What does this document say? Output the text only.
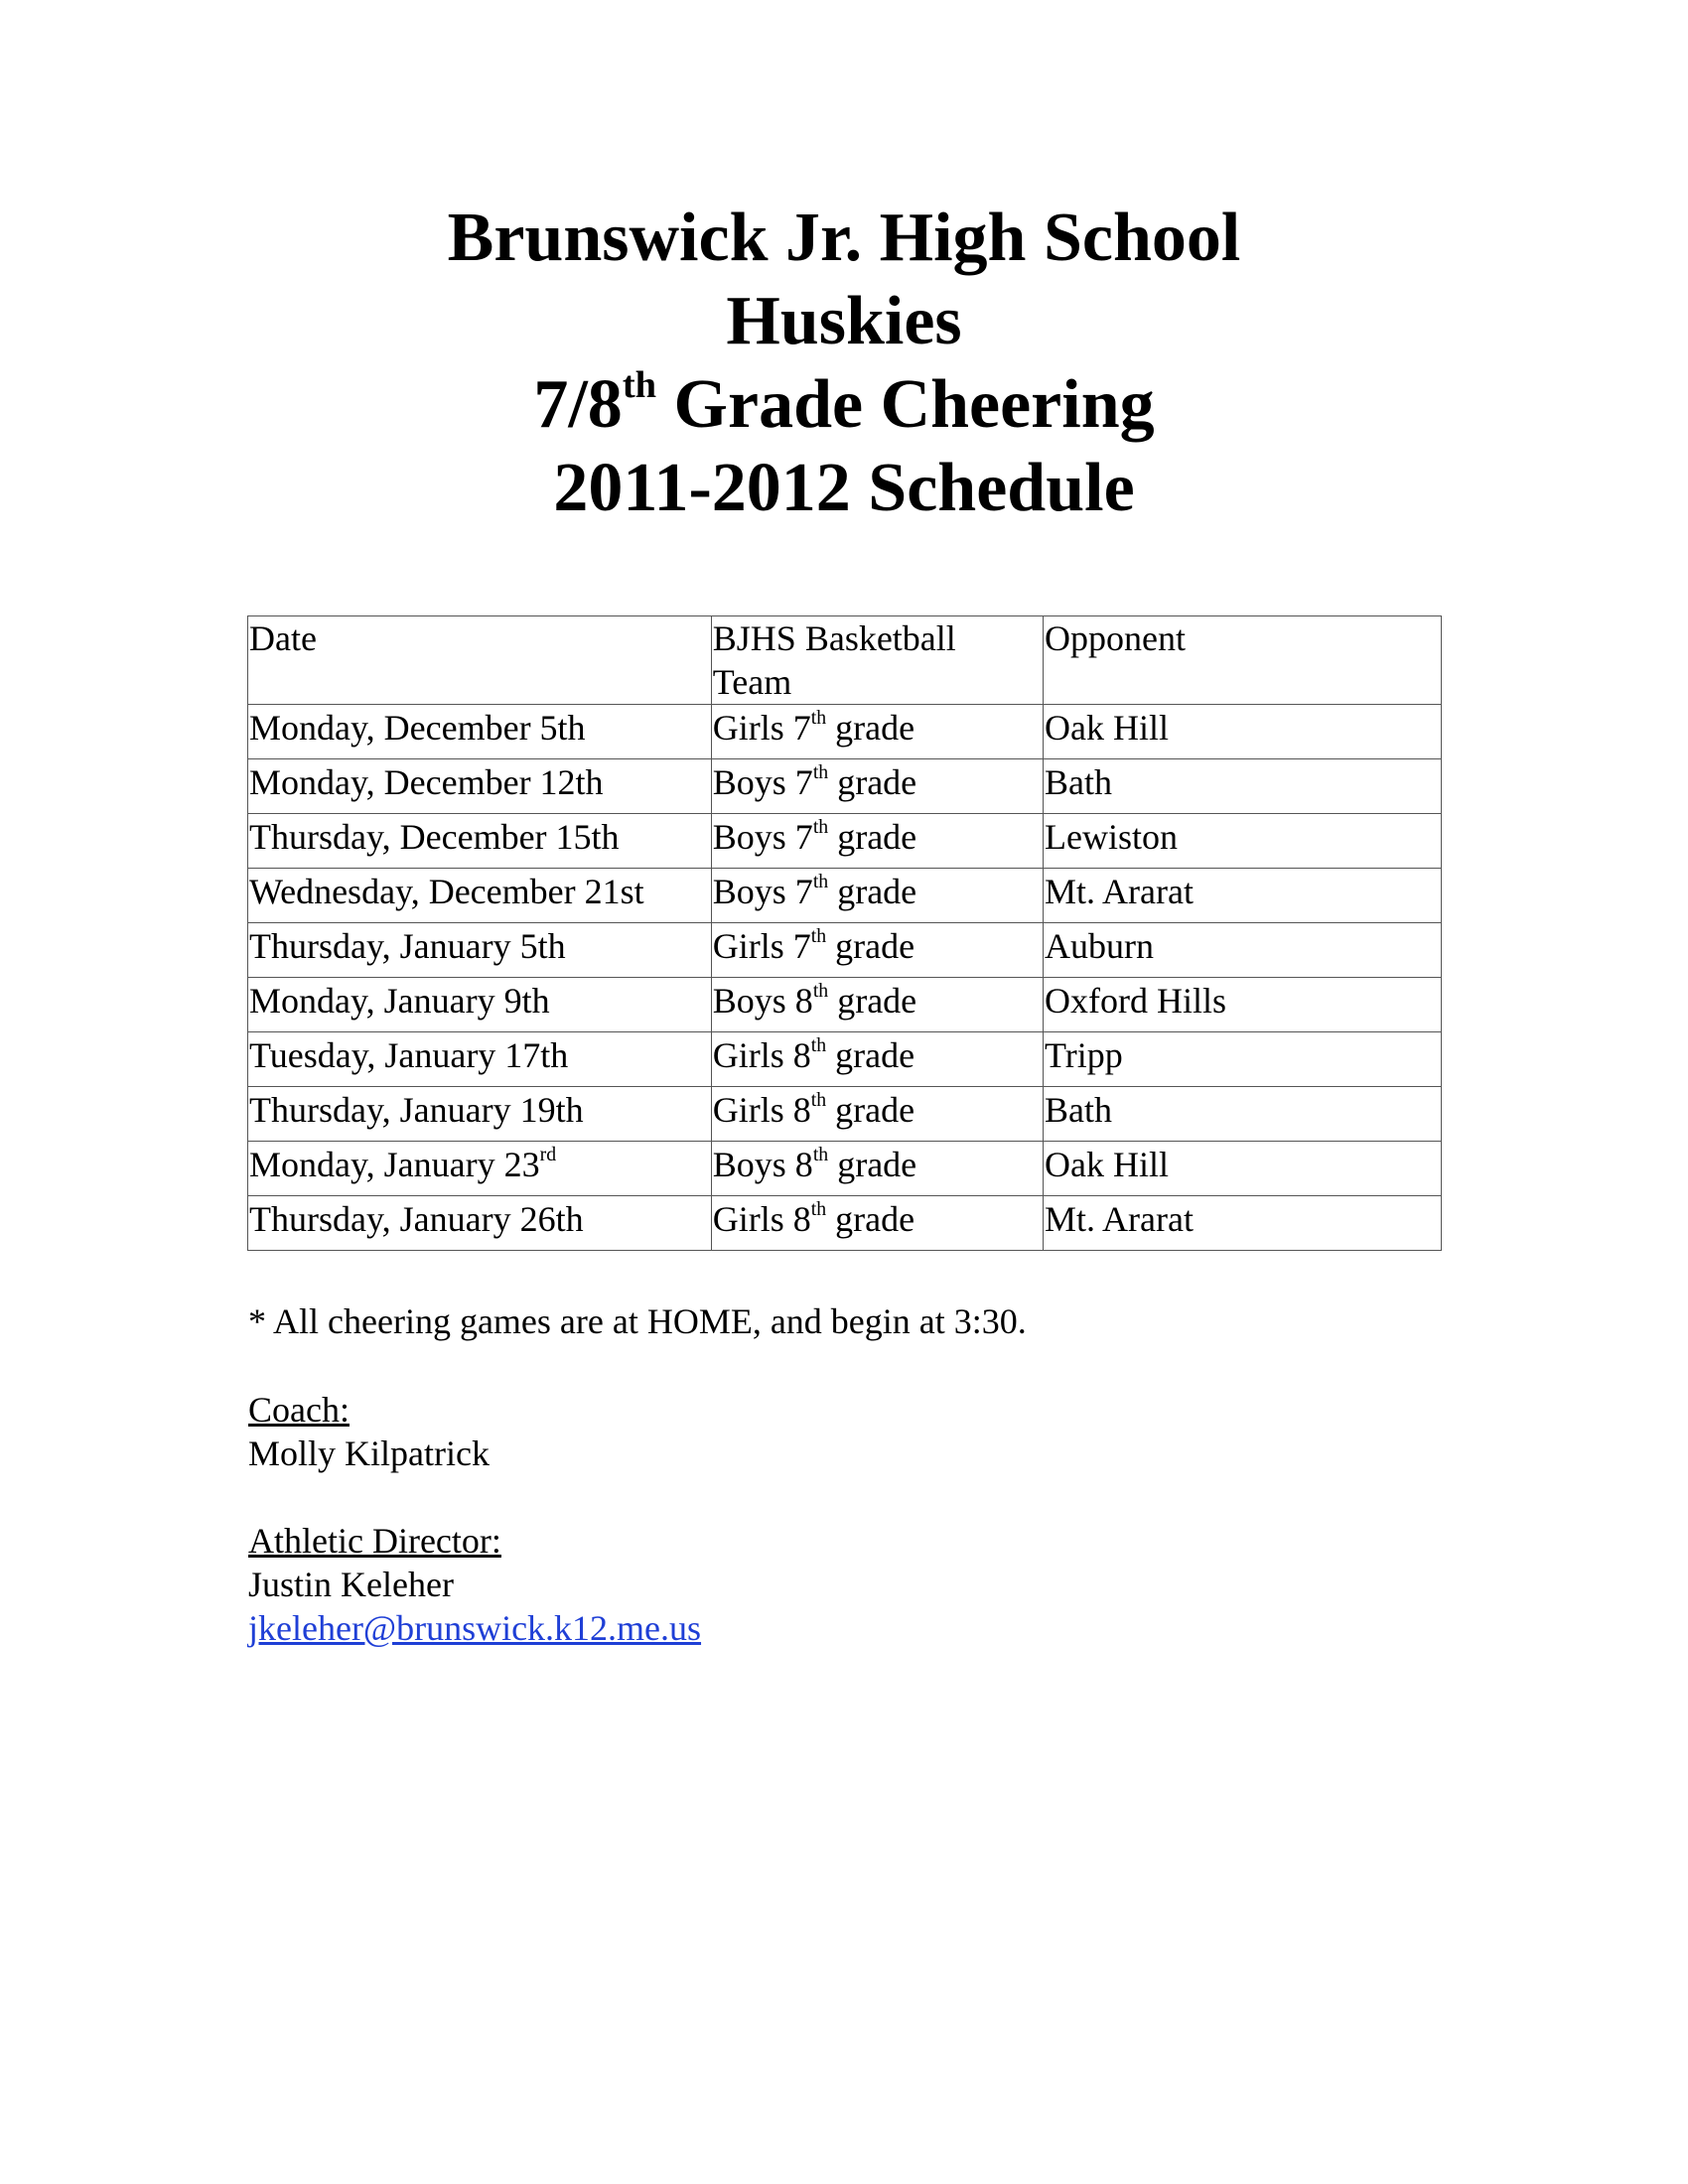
Brunswick Jr. High School
Huskies
7/8th Grade Cheering
2011-2012 Schedule
Date	BJHS Basketball Team	Opponent
Monday, December 5th	Girls 7th grade	Oak Hill
Monday, December 12th	Boys 7th grade	Bath
Thursday, December 15th	Boys 7th grade	Lewiston
Wednesday, December 21st	Boys 7th grade	Mt. Ararat
Thursday, January 5th	Girls 7th grade	Auburn
Monday, January 9th	Boys 8th grade	Oxford Hills
Tuesday, January 17th	Girls 8th grade	Tripp
Thursday, January 19th	Girls 8th grade	Bath
Monday, January 23rd	Boys 8th grade	Oak Hill
Thursday, January 26th	Girls 8th grade	Mt. Ararat
* All cheering games are at HOME, and begin at 3:30.
Coach:
Molly Kilpatrick
Athletic Director:
Justin Keleher
jkeleher@brunswick.k12.me.us
